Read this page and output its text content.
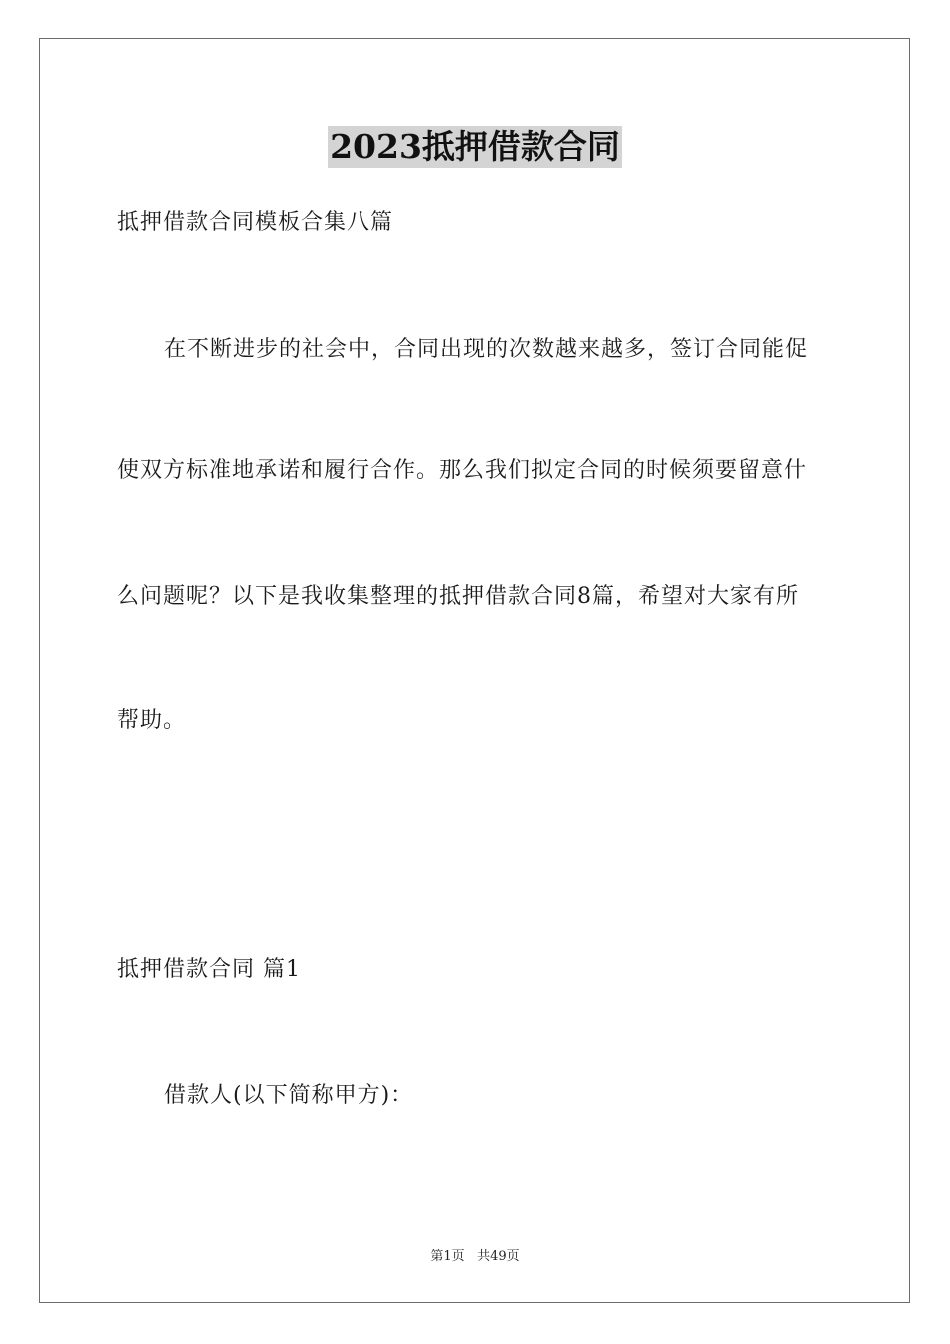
2023抵押借款合同
抵押借款合同模板合集八篇
在不断进步的社会中，合同出现的次数越来越多，签订合同能促
使双方标准地承诺和履行合作。那么我们拟定合同的时候须要留意什
么问题呢？以下是我收集整理的抵押借款合同8篇，希望对大家有所
帮助。
抵押借款合同 篇1
借款人(以下简称甲方)：
第1页 共49页
